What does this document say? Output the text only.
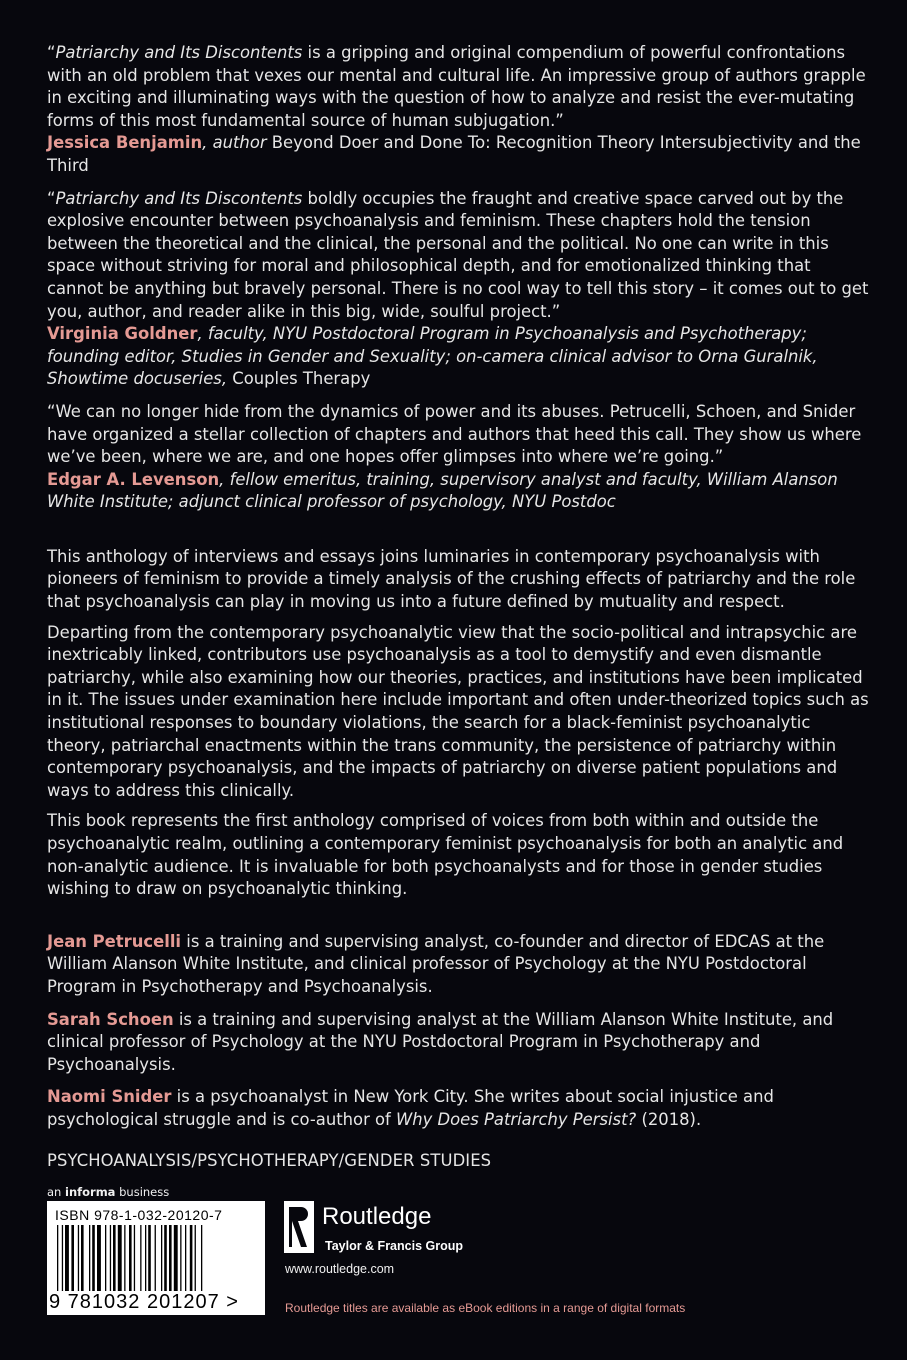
“Patriarchy and Its Discontents is a gripping and original compendium of powerful confrontations with an old problem that vexes our mental and cultural life. An impressive group of authors grapple in exciting and illuminating ways with the question of how to analyze and resist the ever-mutating forms of this most fundamental source of human subjugation.”
Jessica Benjamin, author Beyond Doer and Done To: Recognition Theory Intersubjectivity and the Third

“Patriarchy and Its Discontents boldly occupies the fraught and creative space carved out by the explosive encounter between psychoanalysis and feminism. These chapters hold the tension between the theoretical and the clinical, the personal and the political. No one can write in this space without striving for moral and philosophical depth, and for emotionalized thinking that cannot be anything but bravely personal. There is no cool way to tell this story – it comes out to get you, author, and reader alike in this big, wide, soulful project.”
Virginia Goldner, faculty, NYU Postdoctoral Program in Psychoanalysis and Psychotherapy; founding editor, Studies in Gender and Sexuality; on-camera clinical advisor to Orna Guralnik, Showtime docuseries, Couples Therapy

“We can no longer hide from the dynamics of power and its abuses. Petrucelli, Schoen, and Snider have organized a stellar collection of chapters and authors that heed this call. They show us where we’ve been, where we are, and one hopes offer glimpses into where we’re going.”
Edgar A. Levenson, fellow emeritus, training, supervisory analyst and faculty, William Alanson White Institute; adjunct clinical professor of psychology, NYU Postdoc

This anthology of interviews and essays joins luminaries in contemporary psychoanalysis with pioneers of feminism to provide a timely analysis of the crushing effects of patriarchy and the role that psychoanalysis can play in moving us into a future defined by mutuality and respect.

Departing from the contemporary psychoanalytic view that the socio-political and intrapsychic are inextricably linked, contributors use psychoanalysis as a tool to demystify and even dismantle patriarchy, while also examining how our theories, practices, and institutions have been implicated in it. The issues under examination here include important and often under-theorized topics such as institutional responses to boundary violations, the search for a black-feminist psychoanalytic theory, patriarchal enactments within the trans community, the persistence of patriarchy within contemporary psychoanalysis, and the impacts of patriarchy on diverse patient populations and ways to address this clinically.

This book represents the first anthology comprised of voices from both within and outside the psychoanalytic realm, outlining a contemporary feminist psychoanalysis for both an analytic and non-analytic audience. It is invaluable for both psychoanalysts and for those in gender studies wishing to draw on psychoanalytic thinking.

Jean Petrucelli is a training and supervising analyst, co-founder and director of EDCAS at the William Alanson White Institute, and clinical professor of Psychology at the NYU Postdoctoral Program in Psychotherapy and Psychoanalysis.

Sarah Schoen is a training and supervising analyst at the William Alanson White Institute, and clinical professor of Psychology at the NYU Postdoctoral Program in Psychotherapy and Psychoanalysis.

Naomi Snider is a psychoanalyst in New York City. She writes about social injustice and psychological struggle and is co-author of Why Does Patriarchy Persist? (2018).

PSYCHOANALYSIS/PSYCHOTHERAPY/GENDER STUDIES

an informa business
ISBN 978-1-032-20120-7
9 781032 201207 >
Routledge
Taylor & Francis Group
www.routledge.com
Routledge titles are available as eBook editions in a range of digital formats
